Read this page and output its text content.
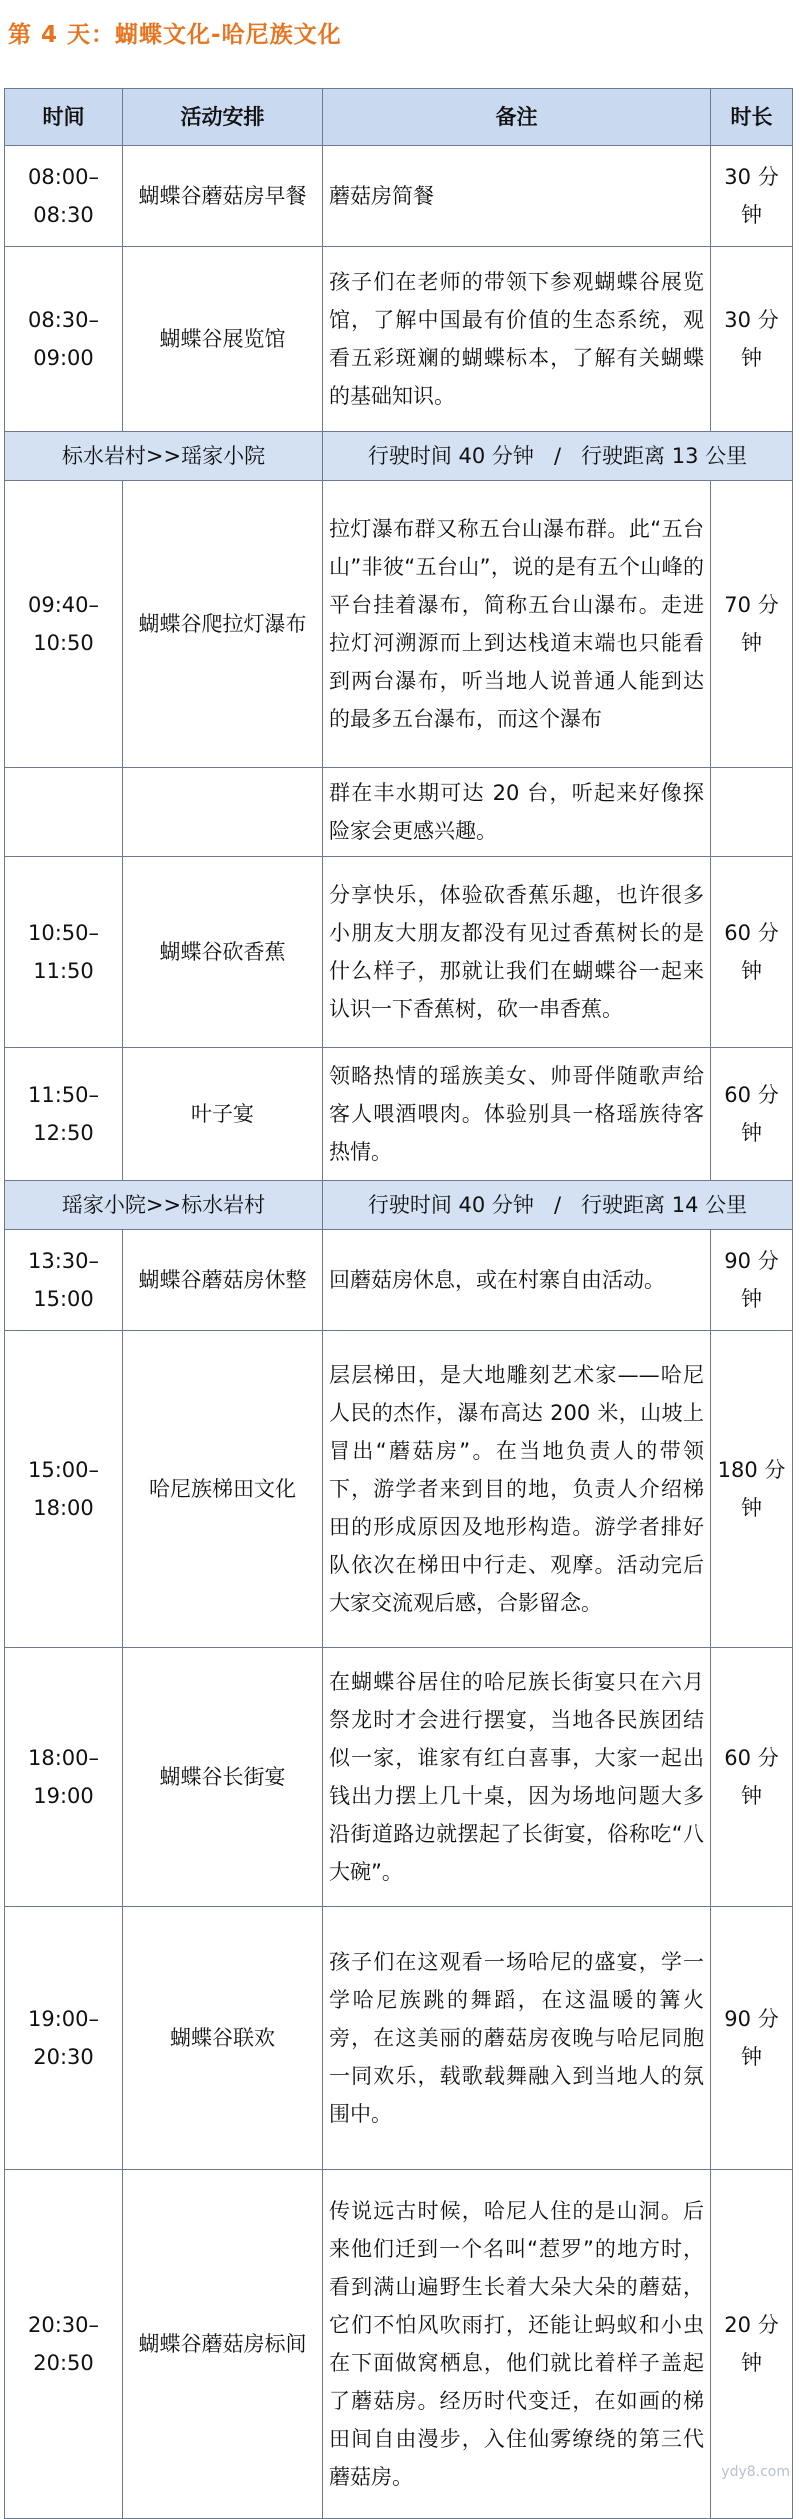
第 4 天：蝴蝶文化-哈尼族文化
时间	活动安排	备注	时长
08:00–
08:30	蝴蝶谷蘑菇房早餐	蘑菇房简餐	30 分钟
08:30–
09:00	蝴蝶谷展览馆	孩子们在老师的带领下参观蝴蝶谷展览馆，了解中国最有价值的生态系统，观看五彩斑斓的蝴蝶标本，了解有关蝴蝶的基础知识。	30 分钟
标水岩村>>瑶家小院		行驶时间 40 分钟   /   行驶距离 13 公里	
09:40–
10:50	蝴蝶谷爬拉灯瀑布	拉灯瀑布群又称五台山瀑布群。此“五台山”非彼“五台山”，说的是有五个山峰的平台挂着瀑布，简称五台山瀑布。走进拉灯河溯源而上到达栈道末端也只能看到两台瀑布，听当地人说普通人能到达的最多五台瀑布，而这个瀑布	70 分钟
		群在丰水期可达 20 台，听起来好像探险家会更感兴趣。	
10:50–
11:50	蝴蝶谷砍香蕉	分享快乐，体验砍香蕉乐趣，也许很多小朋友大朋友都没有见过香蕉树长的是什么样子，那就让我们在蝴蝶谷一起来认识一下香蕉树，砍一串香蕉。	60 分钟
11:50–
12:50	叶子宴	领略热情的瑶族美女、帅哥伴随歌声给客人喂酒喂肉。体验别具一格瑶族待客热情。	60 分钟
瑶家小院>>标水岩村		行驶时间 40 分钟   /   行驶距离 14 公里	
13:30–
15:00	蝴蝶谷蘑菇房休整	回蘑菇房休息，或在村寨自由活动。	90 分钟
15:00–
18:00	哈尼族梯田文化	层层梯田，是大地雕刻艺术家——哈尼人民的杰作，瀑布高达 200 米，山坡上冒出“蘑菇房”。在当地负责人的带领下，游学者来到目的地，负责人介绍梯田的形成原因及地形构造。游学者排好队依次在梯田中行走、观摩。活动完后大家交流观后感，合影留念。	180 分钟
18:00–
19:00	蝴蝶谷长街宴	在蝴蝶谷居住的哈尼族长街宴只在六月祭龙时才会进行摆宴，当地各民族团结似一家，谁家有红白喜事，大家一起出钱出力摆上几十桌，因为场地问题大多沿街道路边就摆起了长街宴，俗称吃“八大碗”。	60 分钟
19:00–
20:30	蝴蝶谷联欢	孩子们在这观看一场哈尼的盛宴，学一学哈尼族跳的舞蹈，在这温暖的篝火旁，在这美丽的蘑菇房夜晚与哈尼同胞一同欢乐，载歌载舞融入到当地人的氛围中。	90 分钟
20:30–
20:50	蝴蝶谷蘑菇房标间	传说远古时候，哈尼人住的是山洞。后来他们迁到一个名叫“惹罗”的地方时，看到满山遍野生长着大朵大朵的蘑菇，它们不怕风吹雨打，还能让蚂蚁和小虫在下面做窝栖息，他们就比着样子盖起了蘑菇房。经历时代变迁，在如画的梯田间自由漫步，入住仙雾缭绕的第三代蘑菇房。	20 分钟
ydy8.com
